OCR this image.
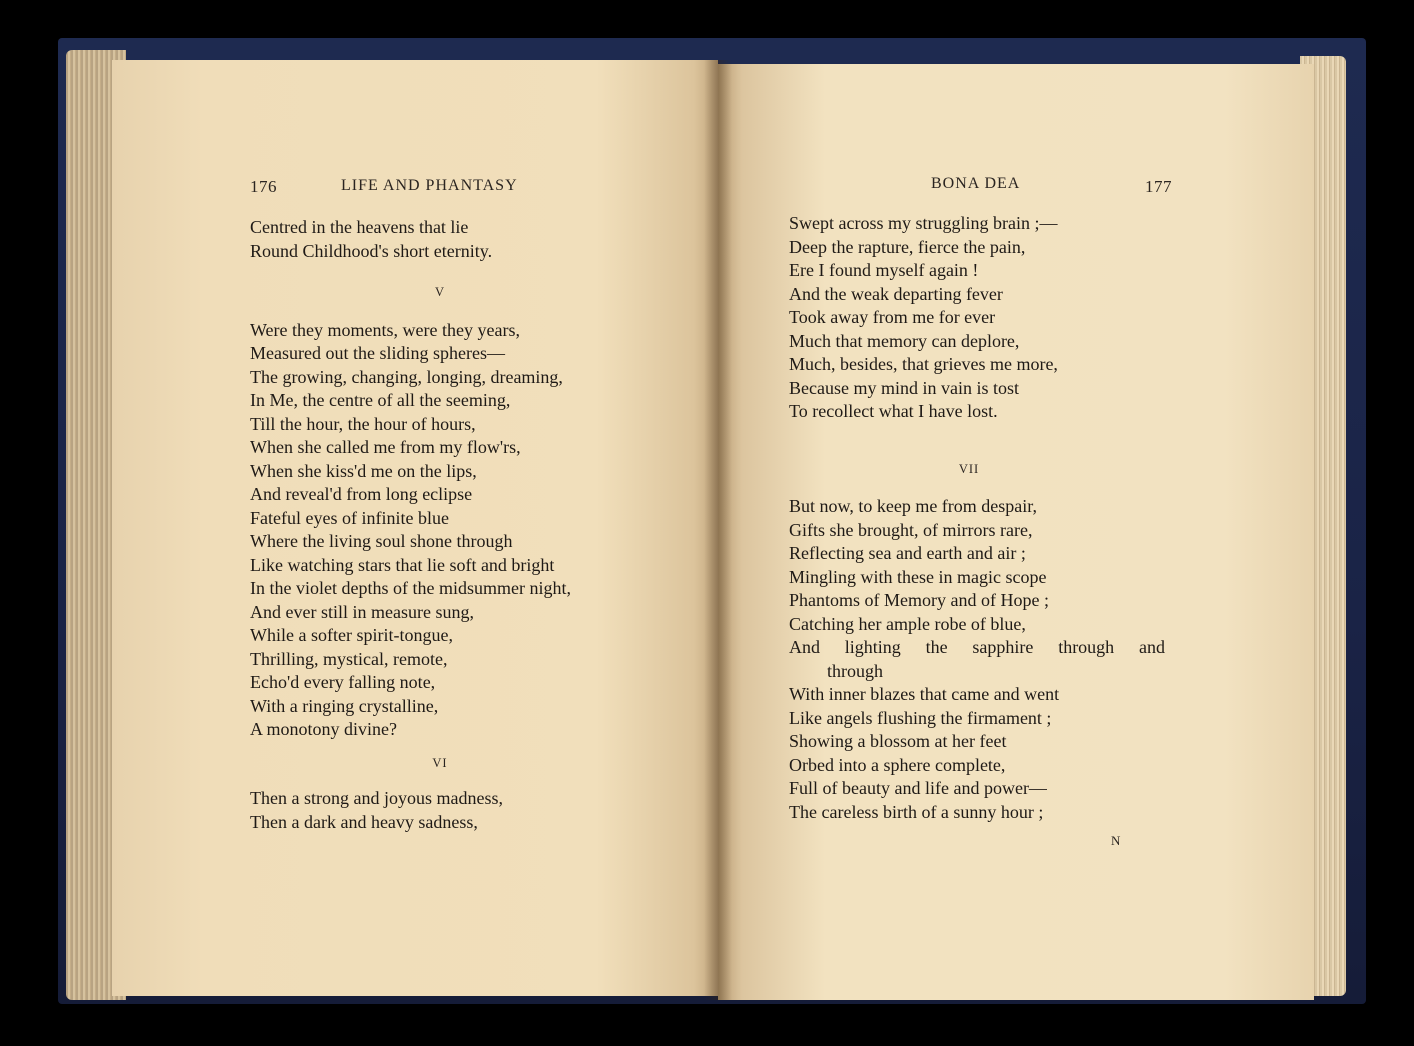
176	LIFE AND PHANTASY
Centred in the heavens that lie
Round Childhood's short eternity.
V
Were they moments, were they years,
Measured out the sliding spheres—
The growing, changing, longing, dreaming,
In Me, the centre of all the seeming,
Till the hour, the hour of hours,
When she called me from my flow'rs,
When she kiss'd me on the lips,
And reveal'd from long eclipse
Fateful eyes of infinite blue
Where the living soul shone through
Like watching stars that lie soft and bright
In the violet depths of the midsummer night,
And ever still in measure sung,
While a softer spirit-tongue,
Thrilling, mystical, remote,
Echo'd every falling note,
With a ringing crystalline,
A monotony divine?
VI
Then a strong and joyous madness,
Then a dark and heavy sadness,
BONA DEA	177
Swept across my struggling brain ;—
Deep the rapture, fierce the pain,
Ere I found myself again !
And the weak departing fever
Took away from me for ever
Much that memory can deplore,
Much, besides, that grieves me more,
Because my mind in vain is tost
To recollect what I have lost.
VII
But now, to keep me from despair,
Gifts she brought, of mirrors rare,
Reflecting sea and earth and air ;
Mingling with these in magic scope
Phantoms of Memory and of Hope ;
Catching her ample robe of blue,
And lighting the sapphire through and
through
With inner blazes that came and went
Like angels flushing the firmament ;
Showing a blossom at her feet
Orbed into a sphere complete,
Full of beauty and life and power—
The careless birth of a sunny hour ;
N
